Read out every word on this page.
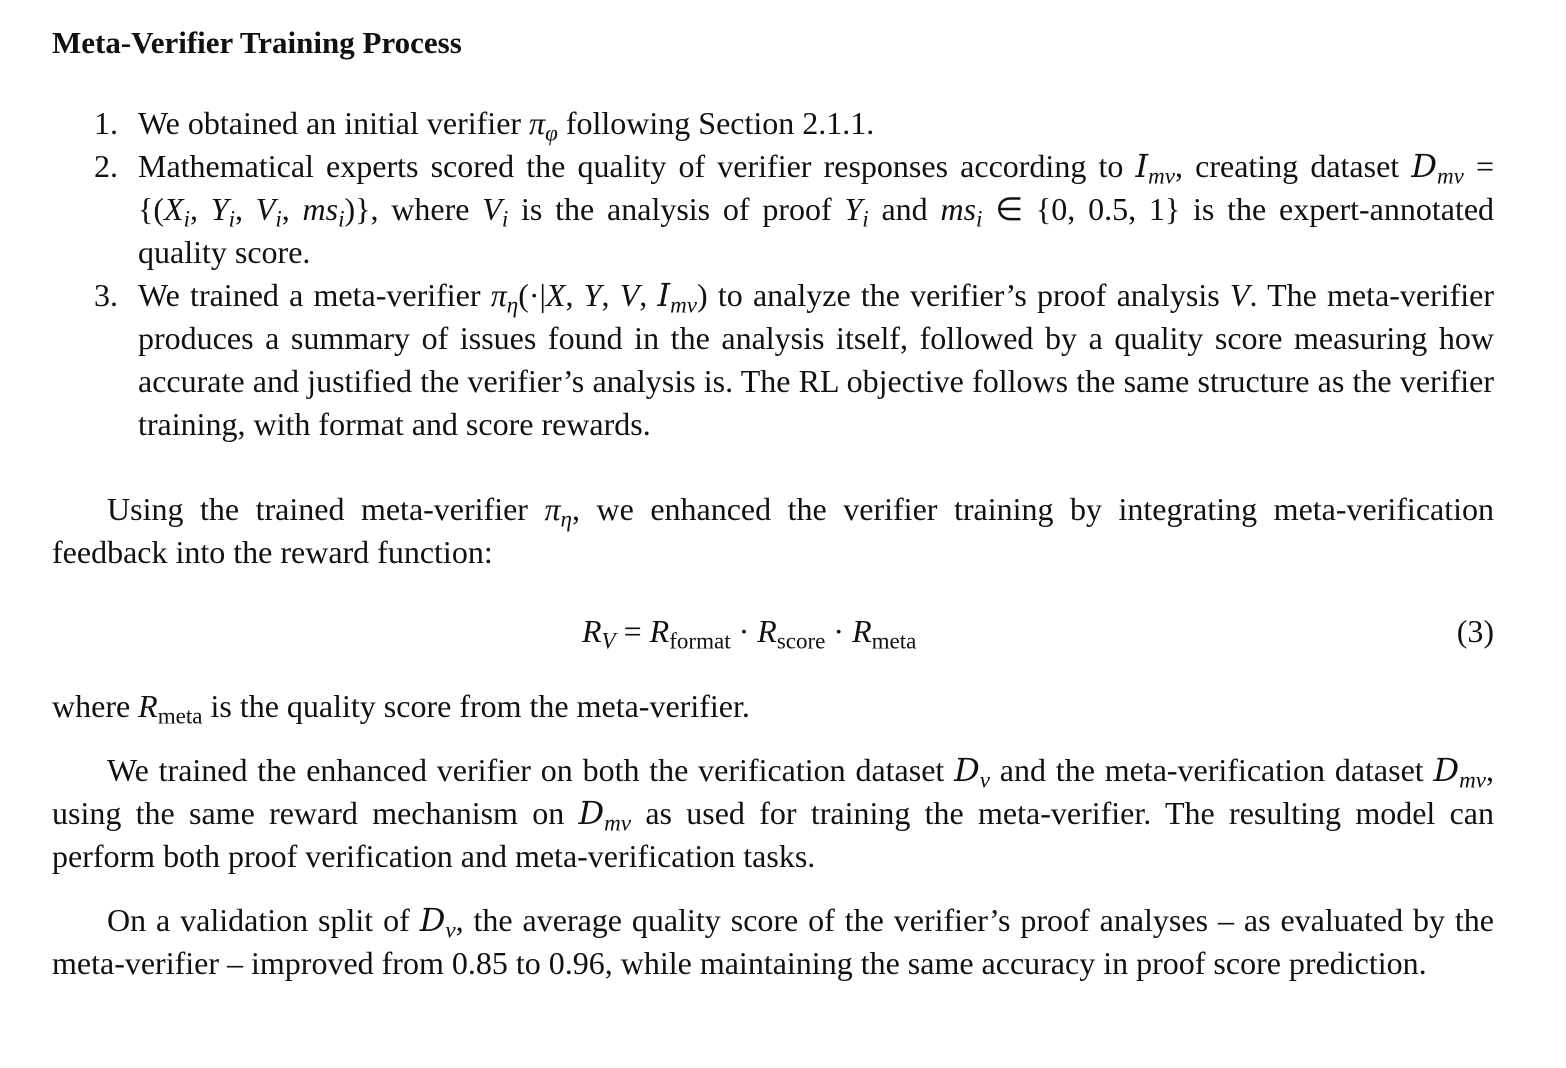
Meta-Verifier Training Process
1. We obtained an initial verifier $\pi_\varphi$ following Section 2.1.1.
2. Mathematical experts scored the quality of verifier responses according to $I_{mv}$, creating dataset $D_{mv} = \{(X_i$, $Y_i$, $V_i$, $ms_i$)}, where $V_i$ is the analysis of proof $Y_i$ and $ms_i$ ∈ {0, 0.5, 1} is the expert-annotated quality score.
3. We trained a meta-verifier $\pi_\eta(\cdot|X$, Y, V, $I_{mv}$) to analyze the verifier’s proof analysis V. The meta-verifier produces a summary of issues found in the analysis itself, followed by a quality score measuring how accurate and justified the verifier’s analysis is. The RL objective follows the same structure as the verifier training, with format and score rewards.

Using the trained meta-verifier $\pi_\eta$, we enhanced the verifier training by integrating meta-verification feedback into the reward function:

$R_V = R_{format} \cdot R_{score} \cdot R_{meta}$	(3)

where $R_{meta}$ is the quality score from the meta-verifier.

We trained the enhanced verifier on both the verification dataset $D_v$ and the meta-verification dataset $D_{mv}$, using the same reward mechanism on $D_{mv}$ as used for training the meta-verifier. The resulting model can perform both proof verification and meta-verification tasks.

On a validation split of $D_v$, the average quality score of the verifier’s proof analyses – as evaluated by the meta-verifier – improved from 0.85 to 0.96, while maintaining the same accuracy in proof score prediction.
